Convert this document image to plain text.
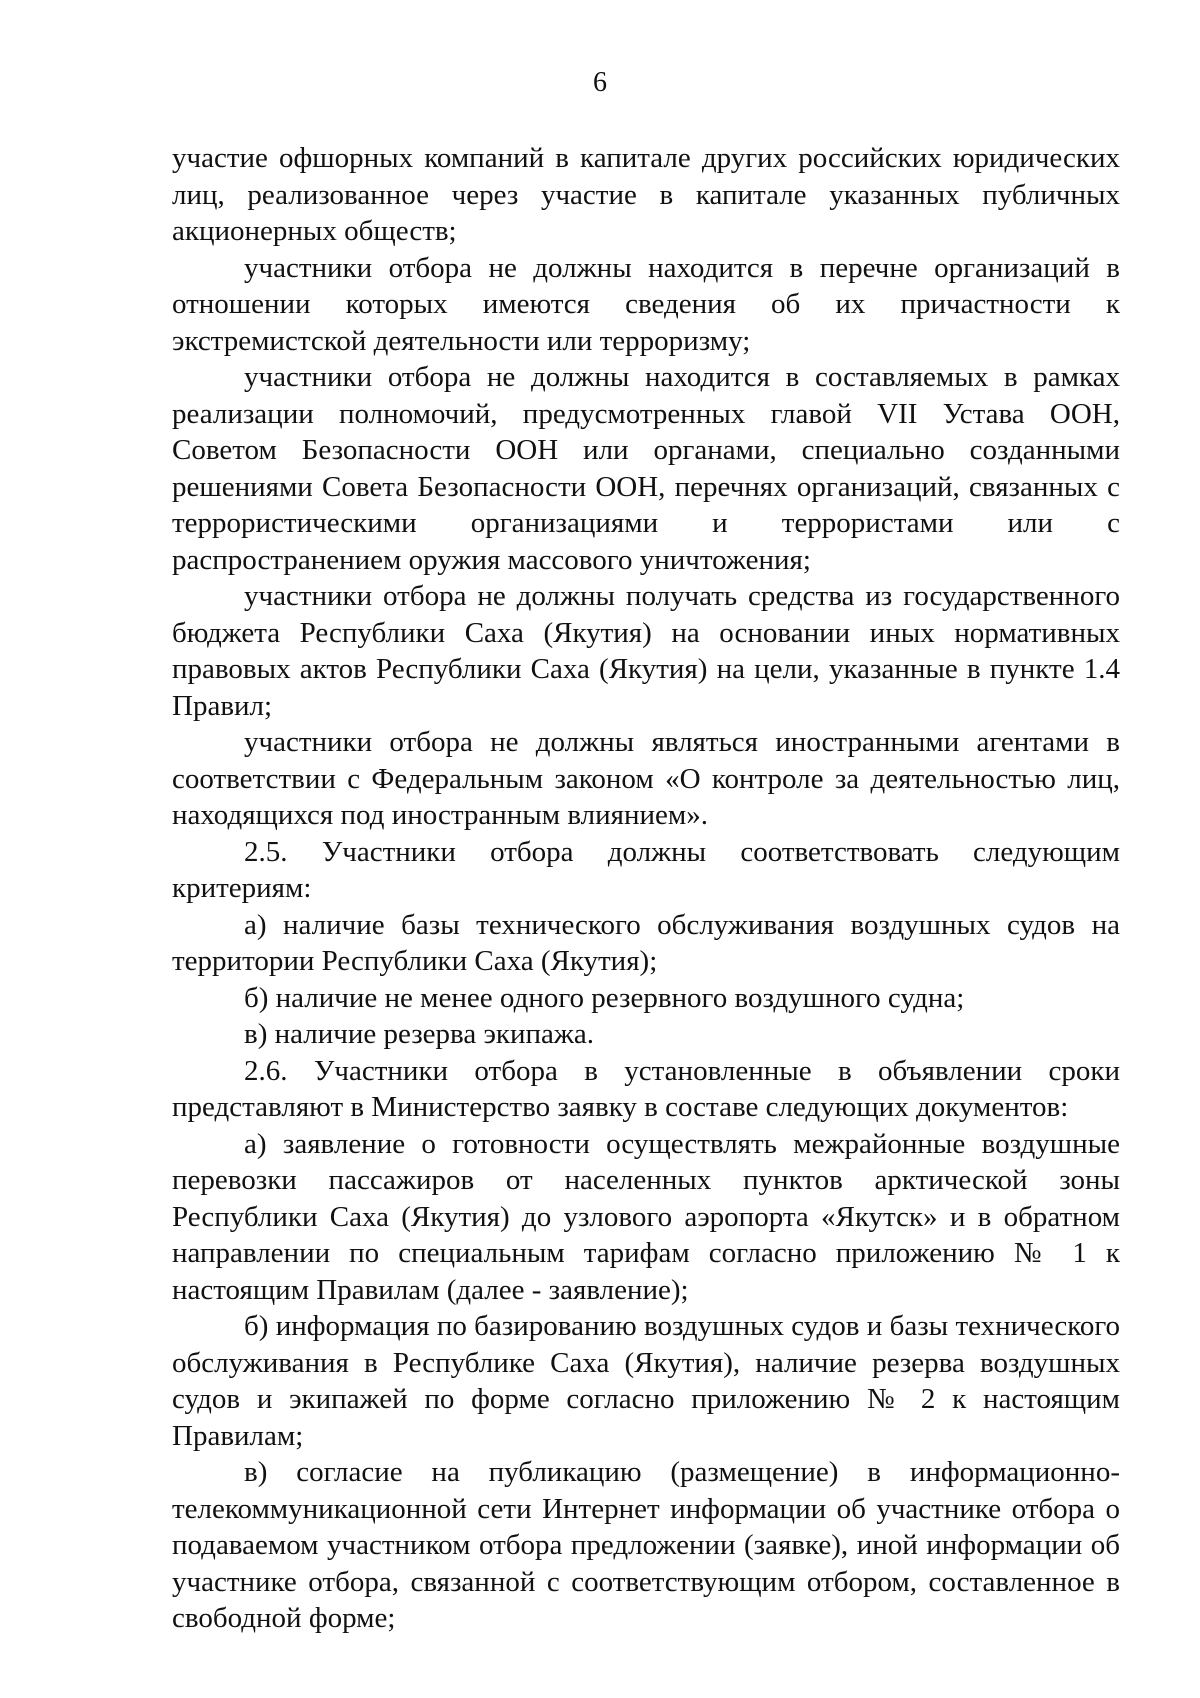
6

участие офшорных компаний в капитале других российских юридических лиц, реализованное через участие в капитале указанных публичных акционерных обществ;

участники отбора не должны находится в перечне организаций в отношении которых имеются сведения об их причастности к экстремистской деятельности или терроризму;

участники отбора не должны находится в составляемых в рамках реализации полномочий, предусмотренных главой VII Устава ООН, Советом Безопасности ООН или органами, специально созданными решениями Совета Безопасности ООН, перечнях организаций, связанных с террористическими организациями и террористами или с распространением оружия массового уничтожения;

участники отбора не должны получать средства из государственного бюджета Республики Саха (Якутия) на основании иных нормативных правовых актов Республики Саха (Якутия) на цели, указанные в пункте 1.4 Правил;

участники отбора не должны являться иностранными агентами в соответствии с Федеральным законом «О контроле за деятельностью лиц, находящихся под иностранным влиянием».

2.5. Участники отбора должны соответствовать следующим критериям:

а) наличие базы технического обслуживания воздушных судов на территории Республики Саха (Якутия);

б) наличие не менее одного резервного воздушного судна;

в) наличие резерва экипажа.

2.6. Участники отбора в установленные в объявлении сроки представляют в Министерство заявку в составе следующих документов:

а) заявление о готовности осуществлять межрайонные воздушные перевозки пассажиров от населенных пунктов арктической зоны Республики Саха (Якутия) до узлового аэропорта «Якутск» и в обратном направлении по специальным тарифам согласно приложению № 1 к настоящим Правилам (далее - заявление);

б) информация по базированию воздушных судов и базы технического обслуживания в Республике Саха (Якутия), наличие резерва воздушных судов и экипажей по форме согласно приложению № 2 к настоящим Правилам;

в) согласие на публикацию (размещение) в информационно-телекоммуникационной сети Интернет информации об участнике отбора о подаваемом участником отбора предложении (заявке), иной информации об участнике отбора, связанной с соответствующим отбором, составленное в свободной форме;
